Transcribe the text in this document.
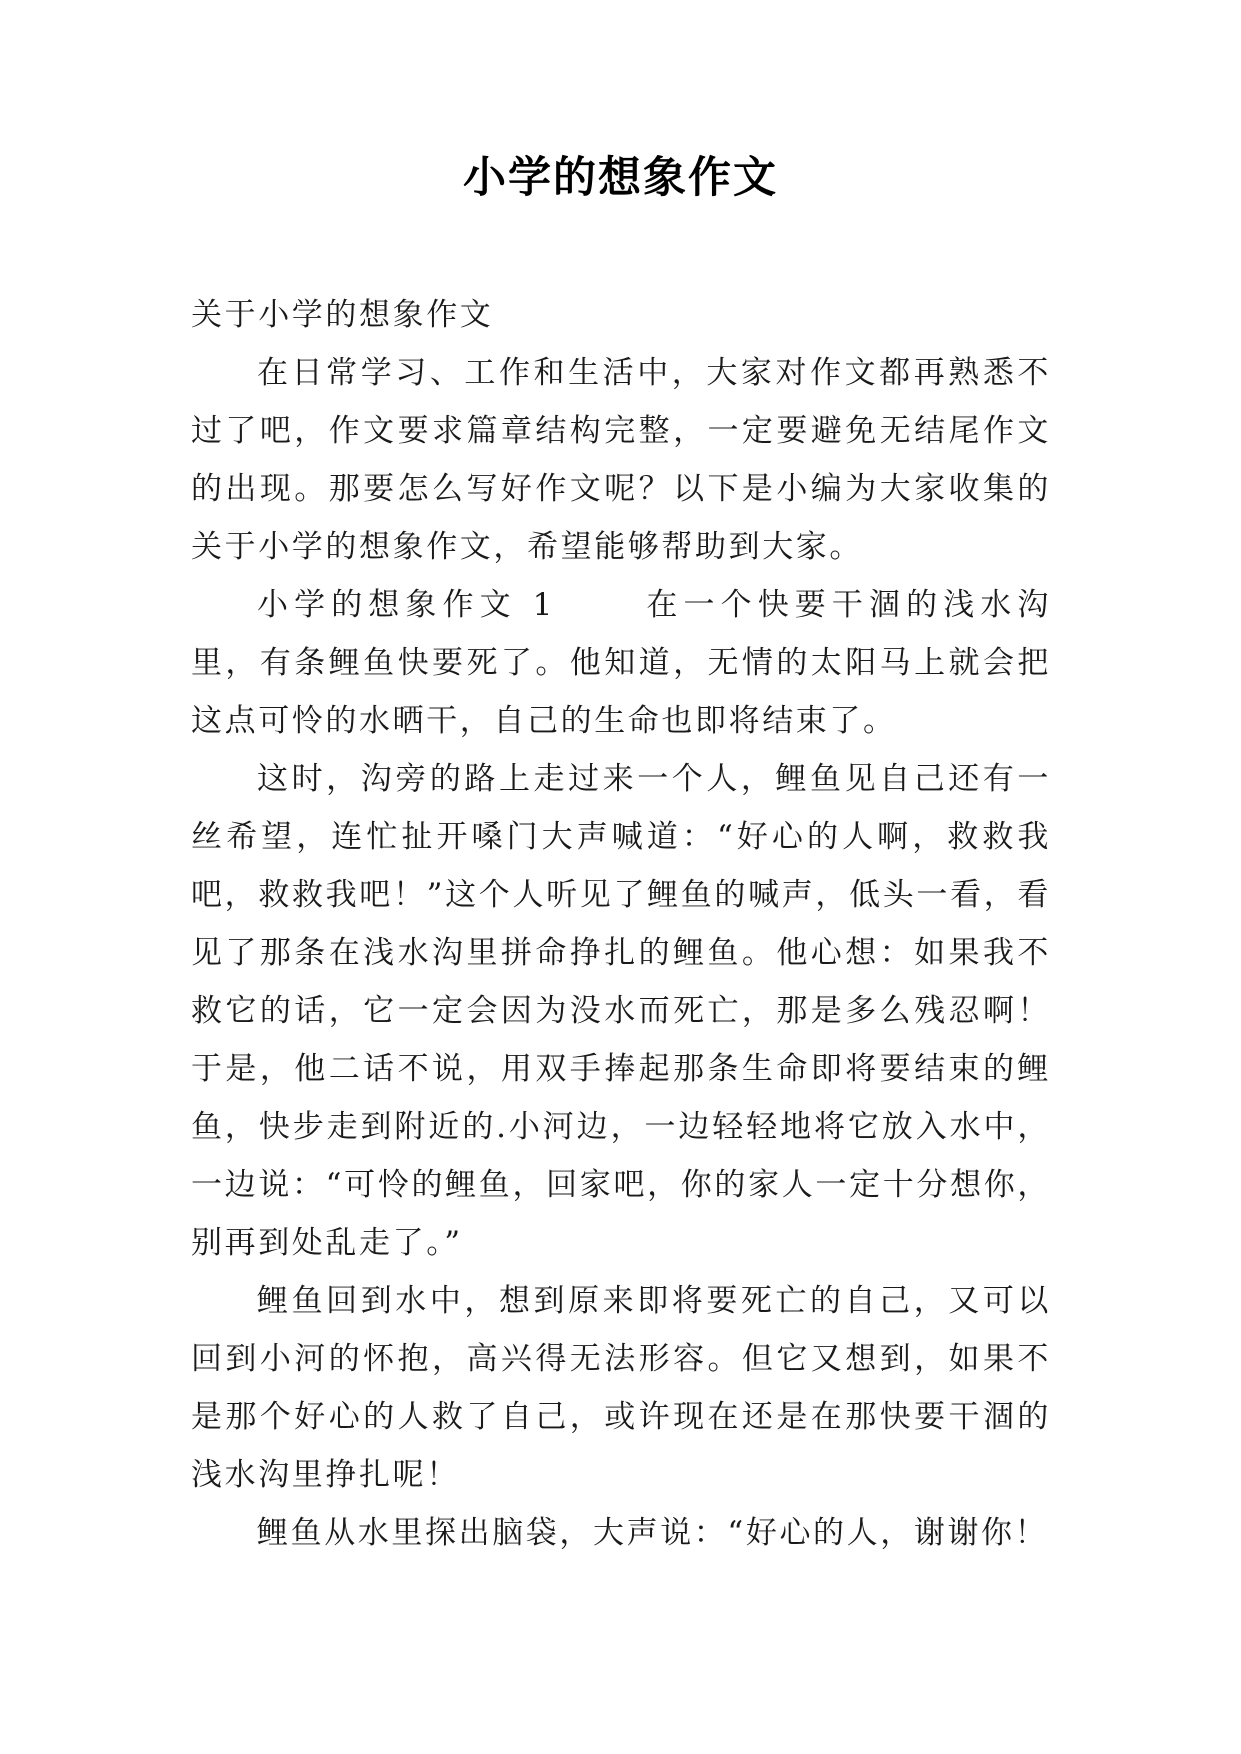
小学的想象作文

关于小学的想象作文

在日常学习、工作和生活中，大家对作文都再熟悉不过了吧，作文要求篇章结构完整，一定要避免无结尾作文的出现。那要怎么写好作文呢？以下是小编为大家收集的关于小学的想象作文，希望能够帮助到大家。

小学的想象作文 1	在一个快要干涸的浅水沟里，有条鲤鱼快要死了。他知道，无情的太阳马上就会把这点可怜的水晒干，自己的生命也即将结束了。

这时，沟旁的路上走过来一个人，鲤鱼见自己还有一丝希望，连忙扯开嗓门大声喊道：“好心的人啊，救救我吧，救救我吧！”这个人听见了鲤鱼的喊声，低头一看，看见了那条在浅水沟里拼命挣扎的鲤鱼。他心想：如果我不救它的话，它一定会因为没水而死亡，那是多么残忍啊！于是，他二话不说，用双手捧起那条生命即将要结束的鲤鱼，快步走到附近的.小河边，一边轻轻地将它放入水中，一边说：“可怜的鲤鱼，回家吧，你的家人一定十分想你，别再到处乱走了。”

鲤鱼回到水中，想到原来即将要死亡的自己，又可以回到小河的怀抱，高兴得无法形容。但它又想到，如果不是那个好心的人救了自己，或许现在还是在那快要干涸的浅水沟里挣扎呢！

鲤鱼从水里探出脑袋，大声说：“好心的人，谢谢你！
